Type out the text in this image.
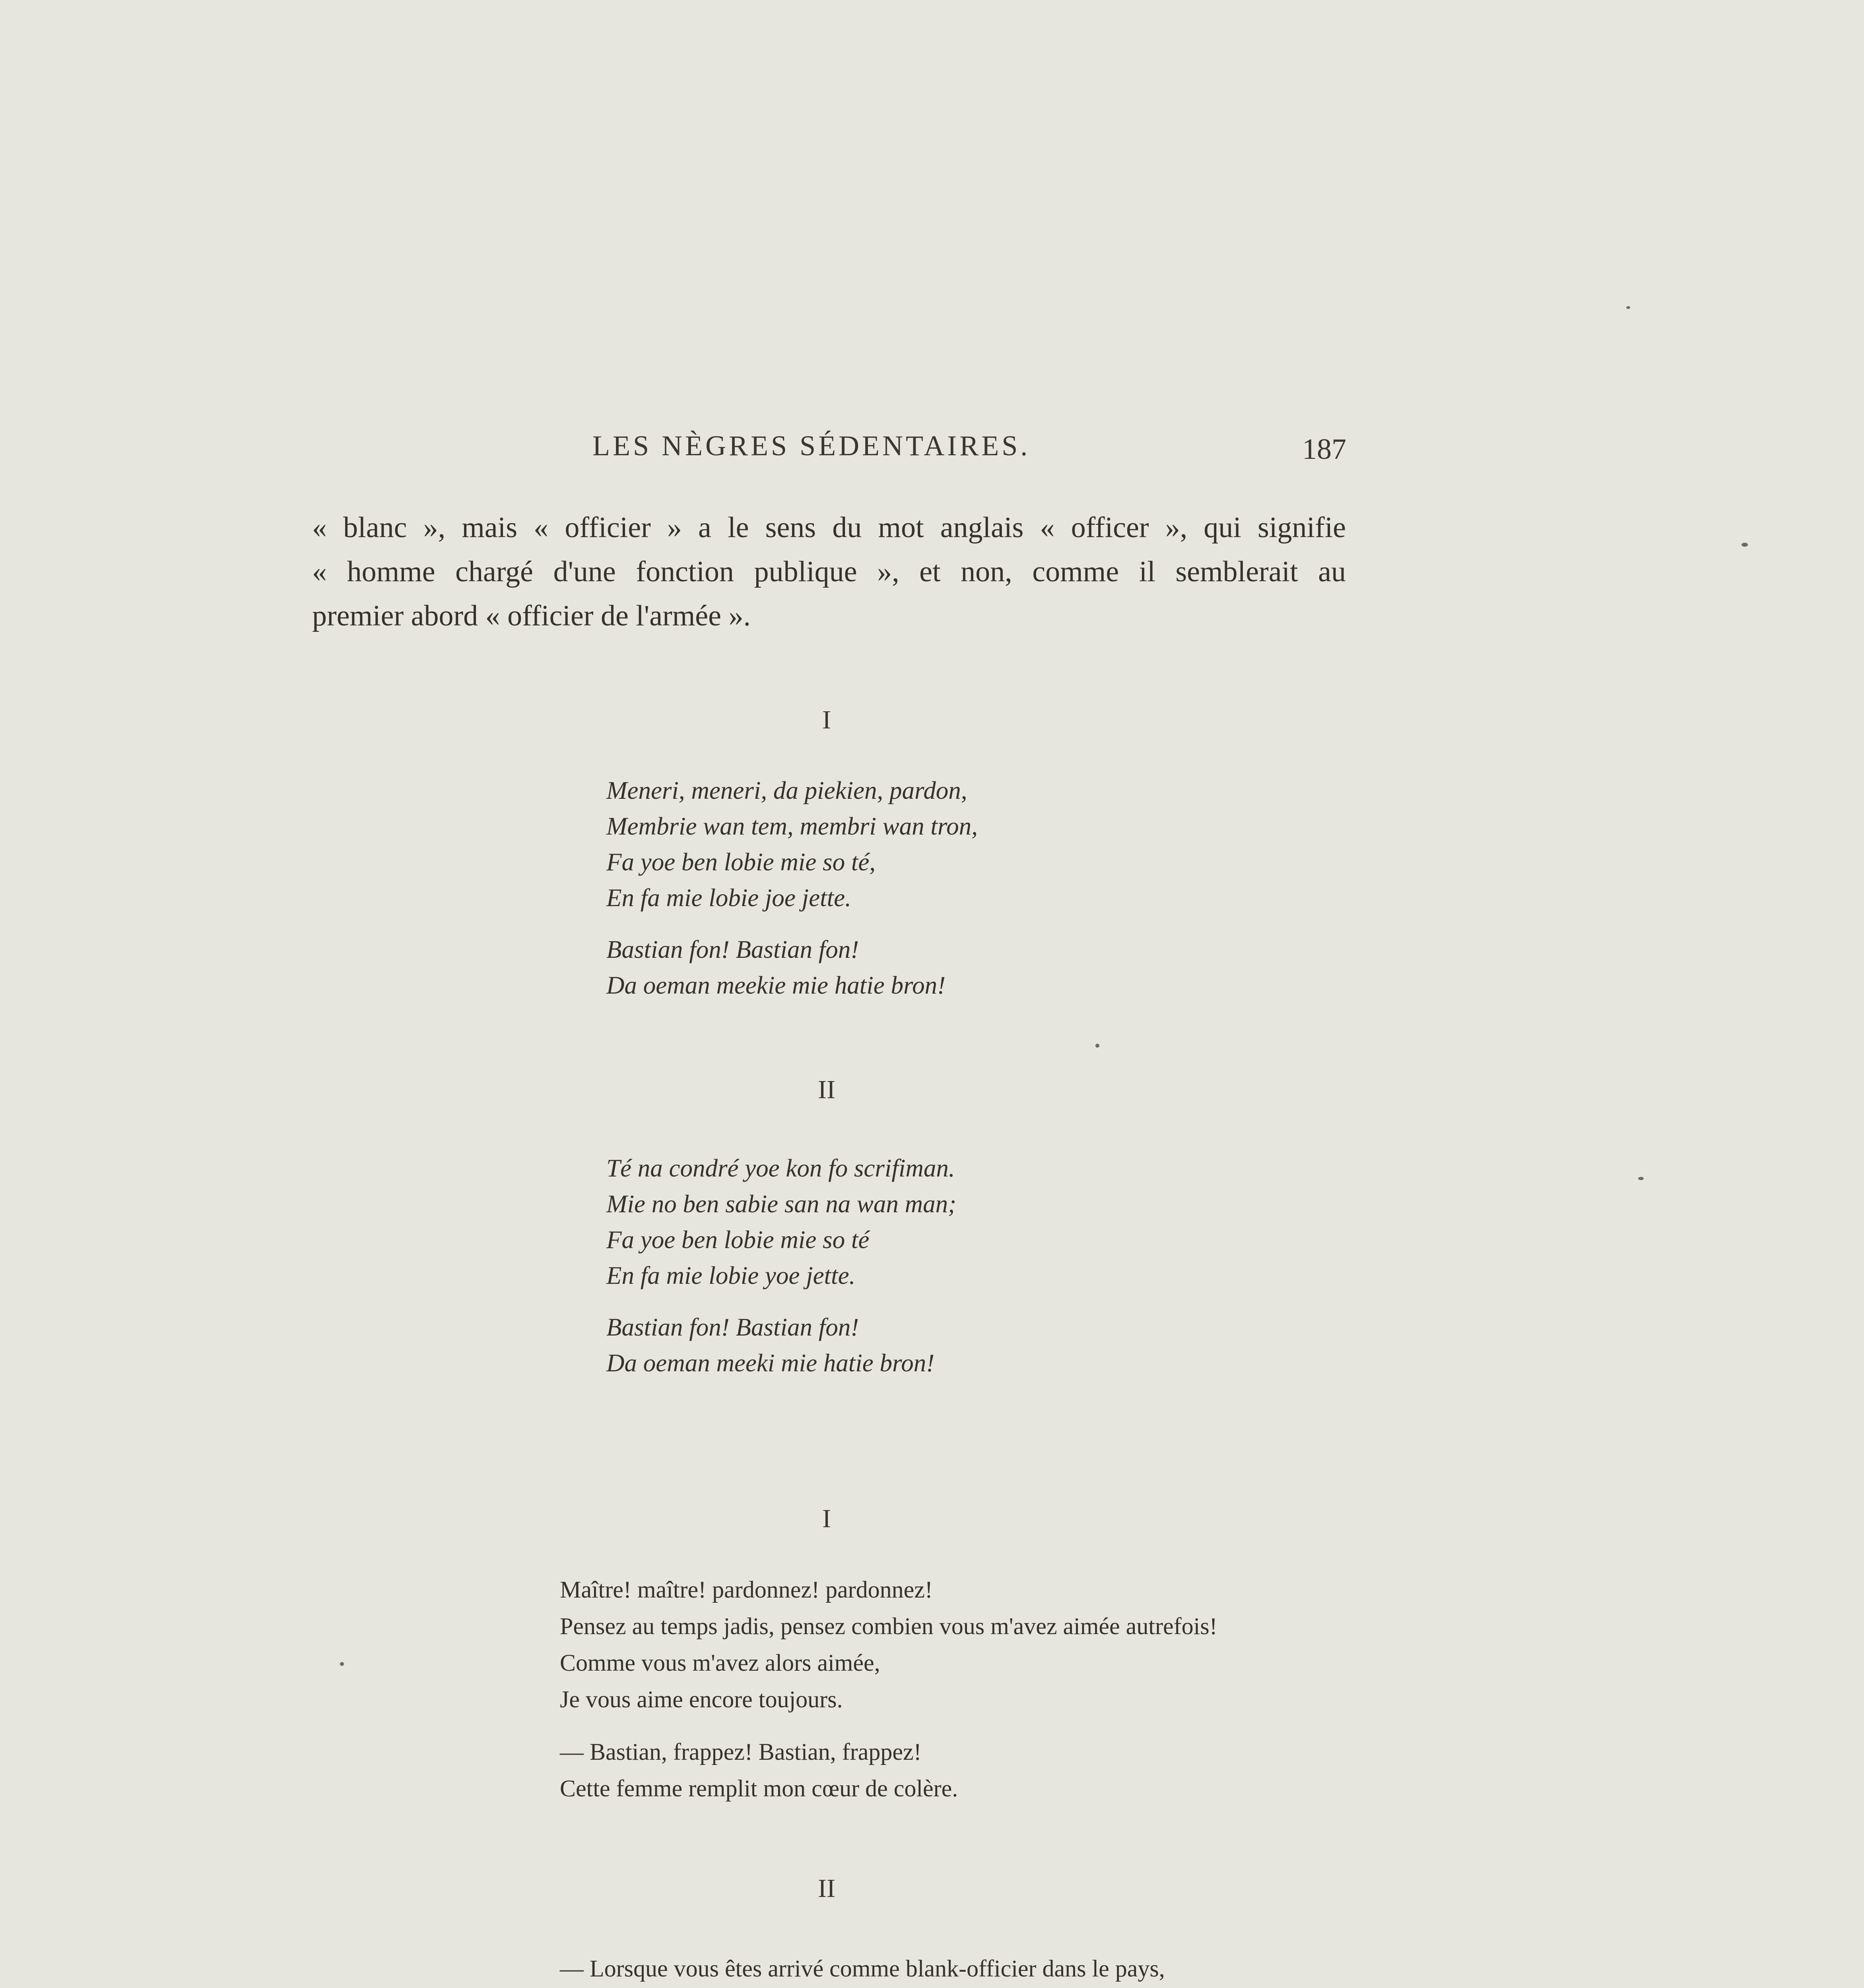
LES NÈGRES SÉDENTAIRES.	187
« blanc », mais « officier » a le sens du mot anglais « officer », qui signifie
« homme chargé d'une fonction publique », et non, comme il semblerait au
premier abord « officier de l'armée ».
I
Meneri, meneri, da piekien, pardon,
Membrie wan tem, membri wan tron,
Fa yoe ben lobie mie so té,
En fa mie lobie joe jette.
Bastian fon! Bastian fon!
Da oeman meekie mie hatie bron!
II
Té na condré yoe kon fo scrifiman.
Mie no ben sabie san na wan man;
Fa yoe ben lobie mie so té
En fa mie lobie yoe jette.
Bastian fon! Bastian fon!
Da oeman meeki mie hatie bron!
I
Maître! maître! pardonnez! pardonnez!
Pensez au temps jadis, pensez combien vous m'avez aimée autrefois!
Comme vous m'avez alors aimée,
Je vous aime encore toujours.
— Bastian, frappez! Bastian, frappez!
Cette femme remplit mon cœur de colère.
II
— Lorsque vous êtes arrivé comme blank-officier dans le pays,
